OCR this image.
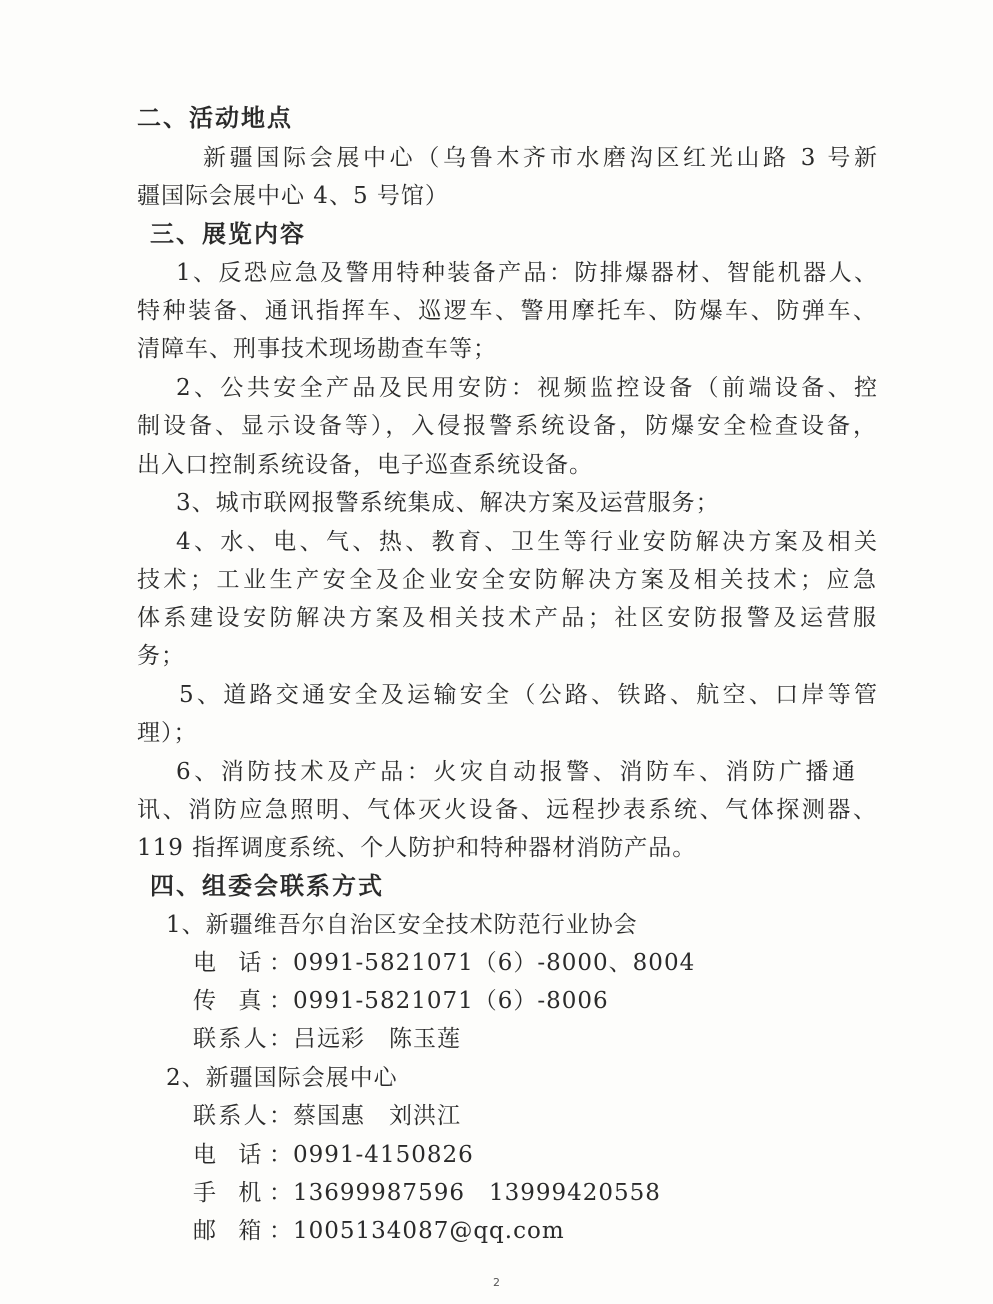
二、活动地点
新疆国际会展中心（乌鲁木齐市水磨沟区红光山路 3 号新
疆国际会展中心 4、5 号馆）
三、展览内容
1、反恐应急及警用特种装备产品：防排爆器材、智能机器人、
特种装备、通讯指挥车、巡逻车、警用摩托车、防爆车、防弹车、
清障车、刑事技术现场勘查车等；
2、公共安全产品及民用安防：视频监控设备（前端设备、控
制设备、显示设备等），入侵报警系统设备，防爆安全检查设备，
出入口控制系统设备，电子巡查系统设备。
3、城市联网报警系统集成、解决方案及运营服务；
4、水、电、气、热、教育、卫生等行业安防解决方案及相关
技术；工业生产安全及企业安全安防解决方案及相关技术；应急
体系建设安防解决方案及相关技术产品；社区安防报警及运营服
务；
5、道路交通安全及运输安全（公路、铁路、航空、口岸等管
理）；
6、消防技术及产品：火灾自动报警、消防车、消防广播通
讯、消防应急照明、气体灭火设备、远程抄表系统、气体探测器、
119 指挥调度系统、个人防护和特种器材消防产品。
四、组委会联系方式
1、新疆维吾尔自治区安全技术防范行业协会
电 话：0991-5821071（6）-8000、8004
传 真：0991-5821071（6）-8006
联系人：吕远彩　陈玉莲
2、新疆国际会展中心
联系人：蔡国惠　刘洪江
电 话：0991-4150826
手 机：13699987596　13999420558
邮 箱：1005134087@qq.com
2
